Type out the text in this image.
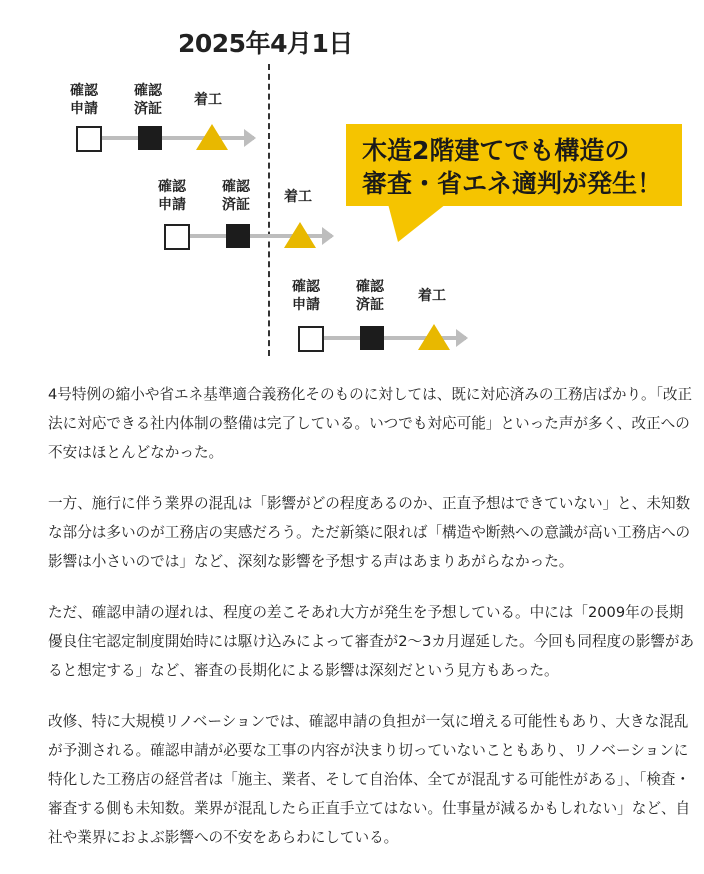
2025年4月1日
確認
申請
確認
済証
着工
確認
申請
確認
済証 着工
確認
申請
確認
済証
着工
木造2階建てでも構造の
審査・省エネ適判が発生！

4号特例の縮小や省エネ基準適合義務化そのものに対しては、既に対応済みの工務店ばかり。「改正法に対応できる社内体制の整備は完了している。いつでも対応可能」といった声が多く、改正への不安はほとんどなかった。

一方、施行に伴う業界の混乱は「影響がどの程度あるのか、正直予想はできていない」と、未知数な部分は多いのが工務店の実感だろう。ただ新築に限れば「構造や断熱への意識が高い工務店への影響は小さいのでは」など、深刻な影響を予想する声はあまりあがらなかった。

ただ、確認申請の遅れは、程度の差こそあれ大方が発生を予想している。中には「2009年の長期優良住宅認定制度開始時には駆け込みによって審査が2〜3カ月遅延した。今回も同程度の影響があると想定する」など、審査の長期化による影響は深刻だという見方もあった。

改修、特に大規模リノベーションでは、確認申請の負担が一気に増える可能性もあり、大きな混乱が予測される。確認申請が必要な工事の内容が決まり切っていないこともあり、リノベーションに特化した工務店の経営者は「施主、業者、そして自治体、全てが混乱する可能性がある」、「検査・審査する側も未知数。業界が混乱したら正直手立てはない。仕事量が減るかもしれない」など、自社や業界におよぶ影響への不安をあらわにしている。
